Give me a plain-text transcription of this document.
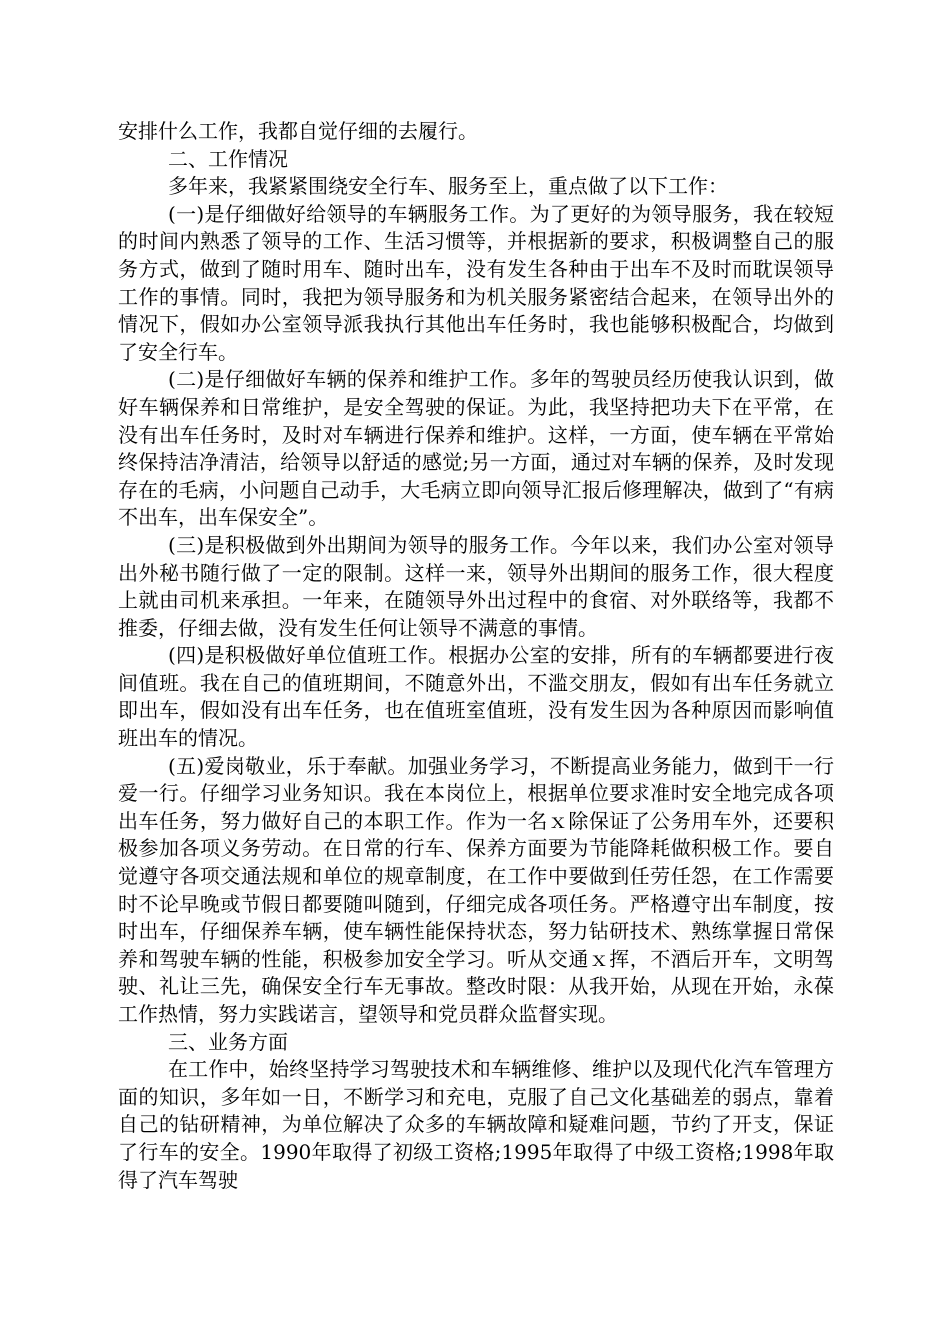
安排什么工作，我都自觉仔细的去履行。

二、工作情况

多年来，我紧紧围绕安全行车、服务至上，重点做了以下工作：

(一)是仔细做好给领导的车辆服务工作。为了更好的为领导服务，我在较短的时间内熟悉了领导的工作、生活习惯等，并根据新的要求，积极调整自己的服务方式，做到了随时用车、随时出车，没有发生各种由于出车不及时而耽误领导工作的事情。同时，我把为领导服务和为机关服务紧密结合起来，在领导出外的情况下，假如办公室领导派我执行其他出车任务时，我也能够积极配合，均做到了安全行车。

(二)是仔细做好车辆的保养和维护工作。多年的驾驶员经历使我认识到，做好车辆保养和日常维护，是安全驾驶的保证。为此，我坚持把功夫下在平常，在没有出车任务时，及时对车辆进行保养和维护。这样，一方面，使车辆在平常始终保持洁净清洁，给领导以舒适的感觉;另一方面，通过对车辆的保养，及时发现存在的毛病，小问题自己动手，大毛病立即向领导汇报后修理解决，做到了“有病不出车，出车保安全”。

(三)是积极做到外出期间为领导的服务工作。今年以来，我们办公室对领导出外秘书随行做了一定的限制。这样一来，领导外出期间的服务工作，很大程度上就由司机来承担。一年来，在随领导外出过程中的食宿、对外联络等，我都不推委，仔细去做，没有发生任何让领导不满意的事情。

(四)是积极做好单位值班工作。根据办公室的安排，所有的车辆都要进行夜间值班。我在自己的值班期间，不随意外出，不滥交朋友，假如有出车任务就立即出车，假如没有出车任务，也在值班室值班，没有发生因为各种原因而影响值班出车的情况。

(五)爱岗敬业，乐于奉献。加强业务学习，不断提高业务能力，做到干一行爱一行。仔细学习业务知识。我在本岗位上，根据单位要求准时安全地完成各项出车任务，努力做好自己的本职工作。作为一名ｘ除保证了公务用车外，还要积极参加各项义务劳动。在日常的行车、保养方面要为节能降耗做积极工作。要自觉遵守各项交通法规和单位的规章制度，在工作中要做到任劳任怨，在工作需要时不论早晚或节假日都要随叫随到，仔细完成各项任务。严格遵守出车制度，按时出车，仔细保养车辆，使车辆性能保持状态，努力钻研技术、熟练掌握日常保养和驾驶车辆的性能，积极参加安全学习。听从交通ｘ挥，不酒后开车，文明驾驶、礼让三先，确保安全行车无事故。整改时限：从我开始，从现在开始，永葆工作热情，努力实践诺言，望领导和党员群众监督实现。

三、业务方面

在工作中，始终坚持学习驾驶技术和车辆维修、维护以及现代化汽车管理方面的知识，多年如一日，不断学习和充电，克服了自己文化基础差的弱点，靠着自己的钻研精神，为单位解决了众多的车辆故障和疑难问题，节约了开支，保证了行车的安全。1990年取得了初级工资格;1995年取得了中级工资格;1998年取得了汽车驾驶
